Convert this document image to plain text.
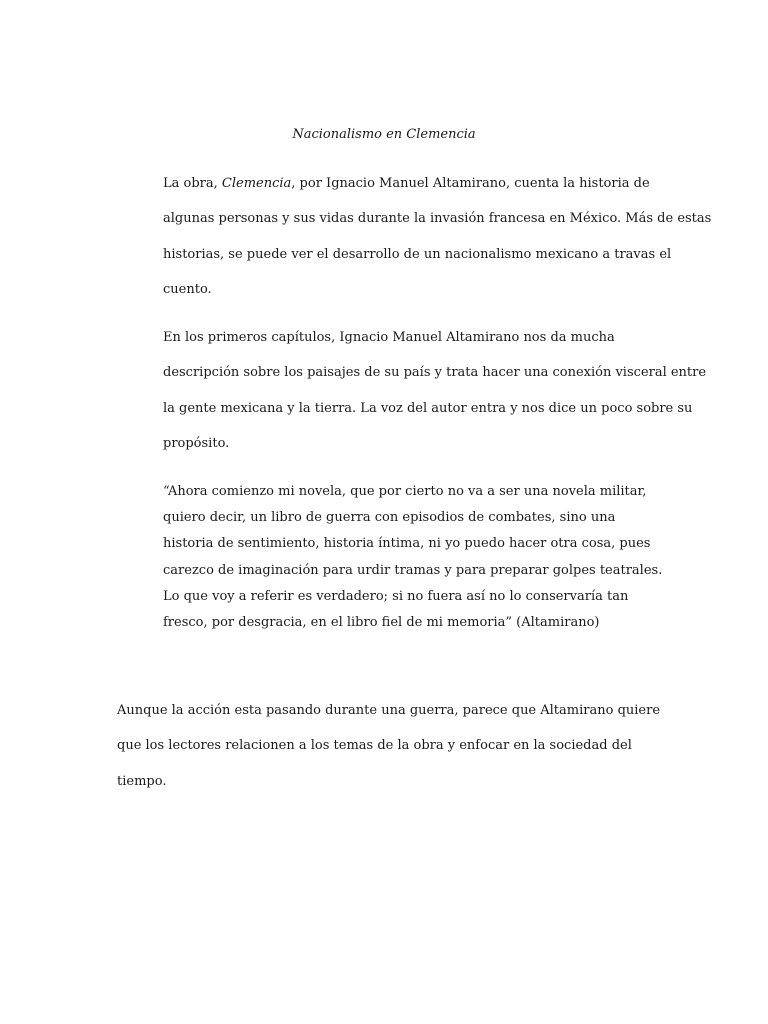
Nacionalismo en Clemencia

La obra, Clemencia, por Ignacio Manuel Altamirano, cuenta la historia de
algunas personas y sus vidas durante la invasión francesa en México. Más de estas
historias, se puede ver el desarrollo de un nacionalismo mexicano a travas el
cuento.

En los primeros capítulos, Ignacio Manuel Altamirano nos da mucha
descripción sobre los paisajes de su país y trata hacer una conexión visceral entre
la gente mexicana y la tierra. La voz del autor entra y nos dice un poco sobre su
propósito.

“Ahora comienzo mi novela, que por cierto no va a ser una novela militar,
quiero decir, un libro de guerra con episodios de combates, sino una
historia de sentimiento, historia íntima, ni yo puedo hacer otra cosa, pues
carezco de imaginación para urdir tramas y para preparar golpes teatrales.
Lo que voy a referir es verdadero; si no fuera así no lo conservaría tan
fresco, por desgracia, en el libro fiel de mi memoria” (Altamirano)

Aunque la acción esta pasando durante una guerra, parece que Altamirano quiere
que los lectores relacionen a los temas de la obra y enfocar en la sociedad del
tiempo.
